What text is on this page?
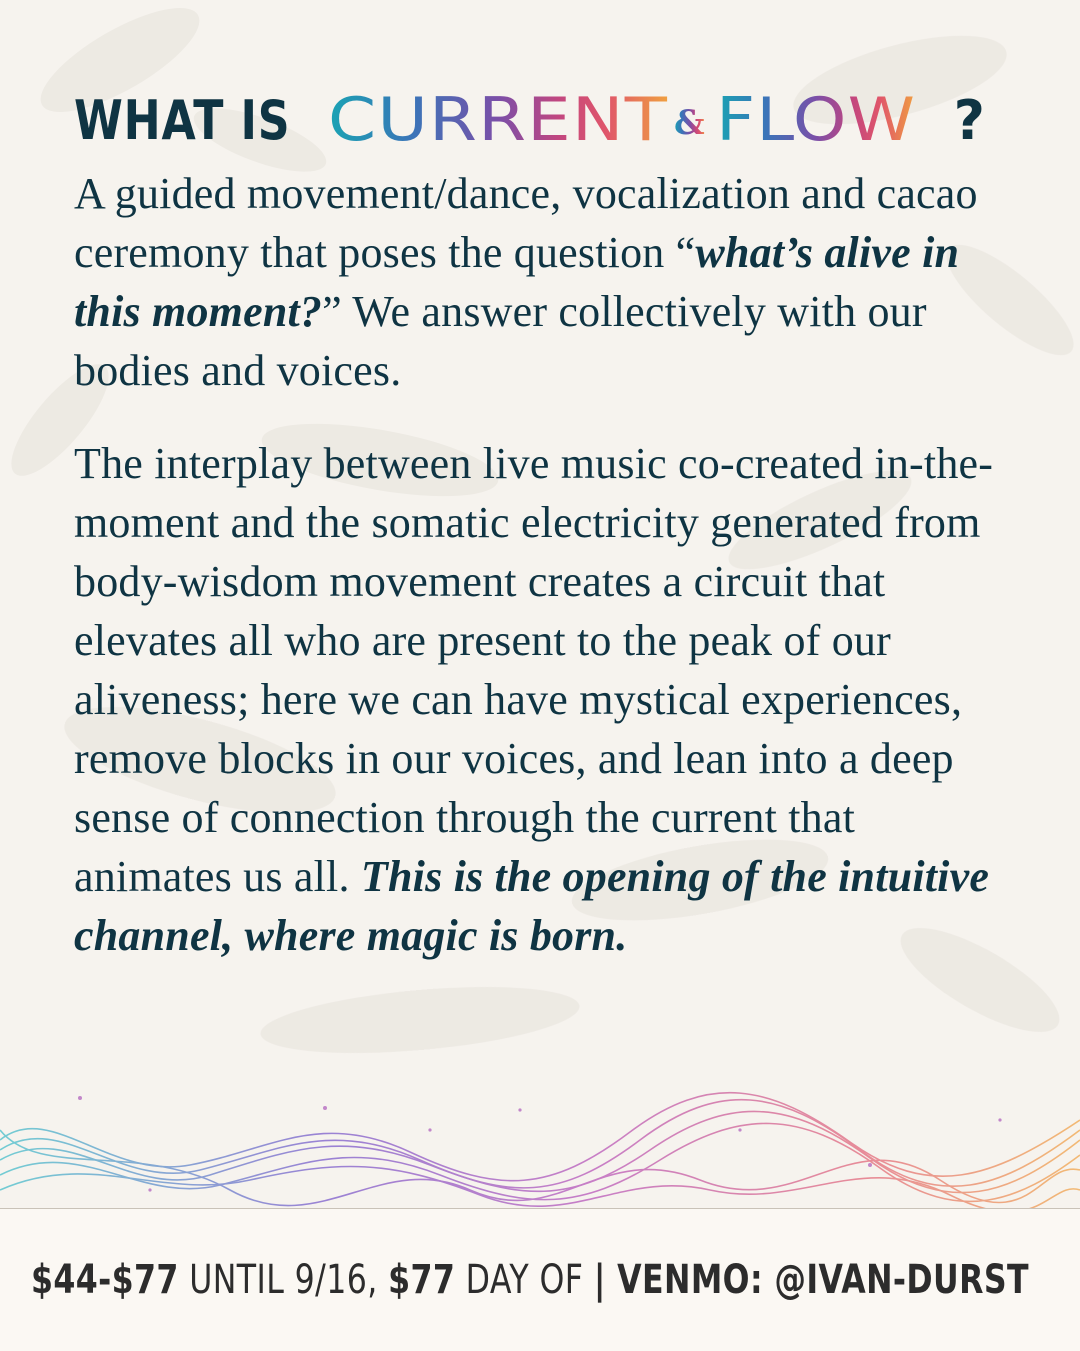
WHAT IS CURRENT & FLOW ?

A guided movement/dance, vocalization and cacao ceremony that poses the question “what’s alive in this moment?” We answer collectively with our bodies and voices.

The interplay between live music co-created in-the-moment and the somatic electricity generated from body-wisdom movement creates a circuit that elevates all who are present to the peak of our aliveness; here we can have mystical experiences, remove blocks in our voices, and lean into a deep sense of connection through the current that animates us all. This is the opening of the intuitive channel, where magic is born.

$44-$77 UNTIL 9/16, $77 DAY OF | VENMO: @IVAN-DURST
